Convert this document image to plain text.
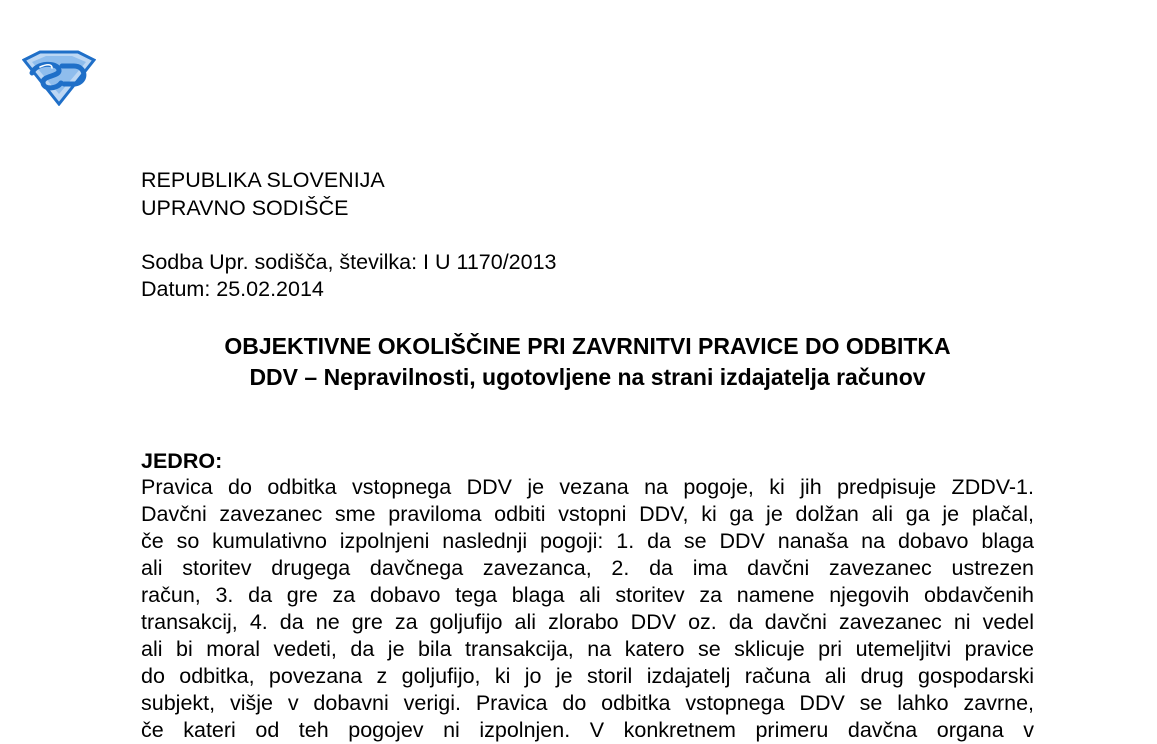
REPUBLIKA SLOVENIJA
UPRAVNO SODIŠČE
Sodba Upr. sodišča, številka: I U 1170/2013
Datum: 25.02.2014
OBJEKTIVNE OKOLIŠČINE PRI ZAVRNITVI PRAVICE DO ODBITKA
DDV – Nepravilnosti, ugotovljene na strani izdajatelja računov
JEDRO:
Pravica do odbitka vstopnega DDV je vezana na pogoje, ki jih predpisuje ZDDV-1.
Davčni zavezanec sme praviloma odbiti vstopni DDV, ki ga je dolžan ali ga je plačal,
če so kumulativno izpolnjeni naslednji pogoji: 1. da se DDV nanaša na dobavo blaga
ali storitev drugega davčnega zavezanca, 2. da ima davčni zavezanec ustrezen
račun, 3. da gre za dobavo tega blaga ali storitev za namene njegovih obdavčenih
transakcij, 4. da ne gre za goljufijo ali zlorabo DDV oz. da davčni zavezanec ni vedel
ali bi moral vedeti, da je bila transakcija, na katero se sklicuje pri utemeljitvi pravice
do odbitka, povezana z goljufijo, ki jo je storil izdajatelj računa ali drug gospodarski
subjekt, višje v dobavni verigi. Pravica do odbitka vstopnega DDV se lahko zavrne,
če kateri od teh pogojev ni izpolnjen. V konkretnem primeru davčna organa v
